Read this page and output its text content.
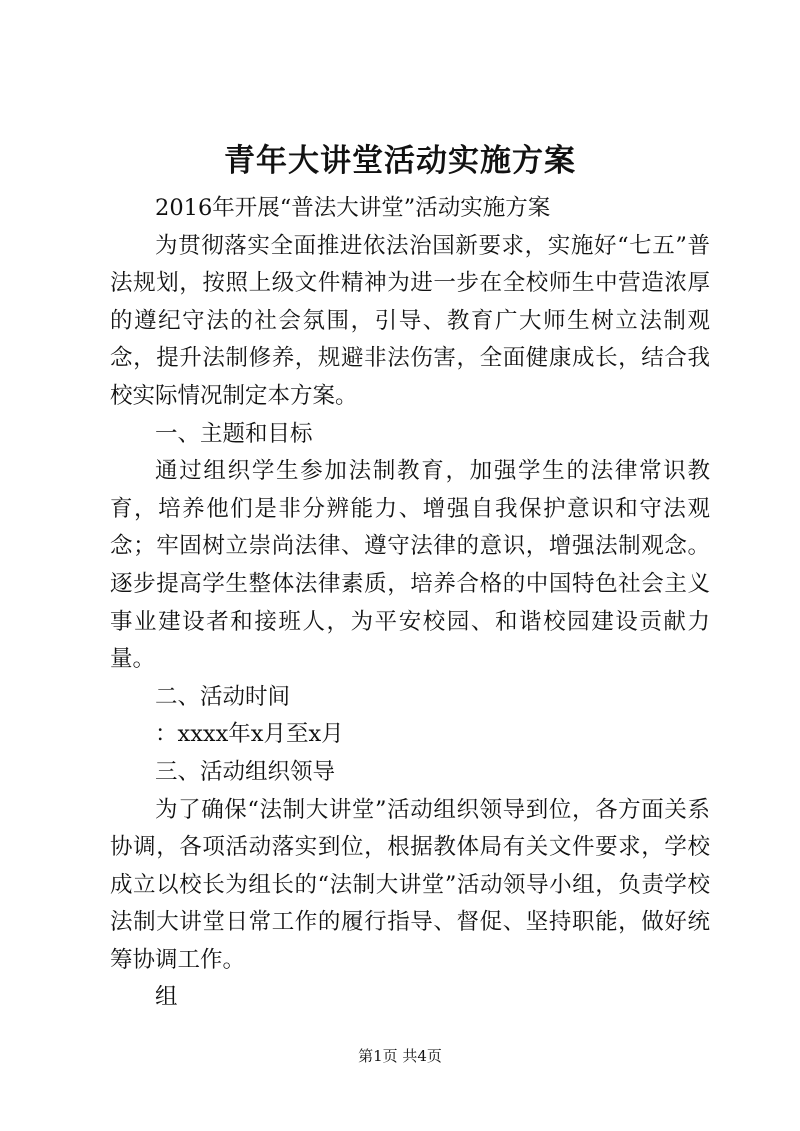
青年大讲堂活动实施方案

2016年开展“普法大讲堂”活动实施方案

为贯彻落实全面推进依法治国新要求，实施好“七五”普法规划，按照上级文件精神为进一步在全校师生中营造浓厚的遵纪守法的社会氛围，引导、教育广大师生树立法制观念，提升法制修养，规避非法伤害，全面健康成长，结合我校实际情况制定本方案。

一、主题和目标

通过组织学生参加法制教育，加强学生的法律常识教育，培养他们是非分辨能力、增强自我保护意识和守法观念；牢固树立崇尚法律、遵守法律的意识，增强法制观念。逐步提高学生整体法律素质，培养合格的中国特色社会主义事业建设者和接班人，为平安校园、和谐校园建设贡献力量。

二、活动时间

：xxxx年x月至x月

三、活动组织领导

为了确保“法制大讲堂”活动组织领导到位，各方面关系协调，各项活动落实到位，根据教体局有关文件要求，学校成立以校长为组长的“法制大讲堂”活动领导小组，负责学校法制大讲堂日常工作的履行指导、督促、坚持职能，做好统筹协调工作。

组

第1页 共4页
